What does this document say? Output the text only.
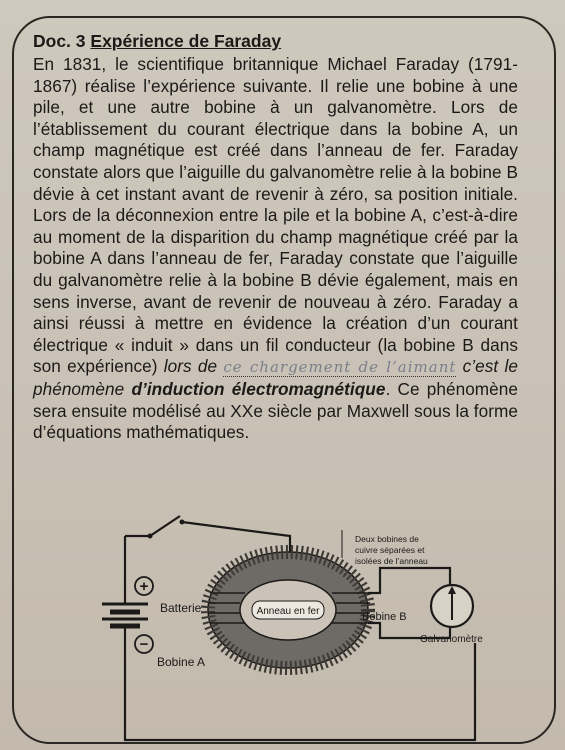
Doc. 3 Expérience de Faraday

En 1831, le scientifique britannique Michael Faraday (1791-1867) réalise l’expérience suivante. Il relie une bobine à une pile, et une autre bobine à un galvanomètre. Lors de l’établissement du courant électrique dans la bobine A, un champ magnétique est créé dans l’anneau de fer. Faraday constate alors que l’aiguille du galvanomètre relie à la bobine B dévie à cet instant avant de revenir à zéro, sa position initiale. Lors de la déconnexion entre la pile et la bobine A, c’est-à-dire au moment de la disparition du champ magnétique créé par la bobine A dans l’anneau de fer, Faraday constate que l’aiguille du galvanomètre relie à la bobine B dévie également, mais en sens inverse, avant de revenir de nouveau à zéro. Faraday a ainsi réussi à mettre en évidence la création d’un courant électrique « induit » dans un fil conducteur (la bobine B dans son expérience) lors de ce chargement de l’aimant c’est le phénomène d’induction électromagnétique. Ce phénomène sera ensuite modélisé au XXe siècle par Maxwell sous la forme d’équations mathématiques.

+
−
Batterie	Anneau en fer	Bobine B
Galvanomètre
Bobine A
Deux bobines de
cuivre séparées et
isolées de l’anneau
